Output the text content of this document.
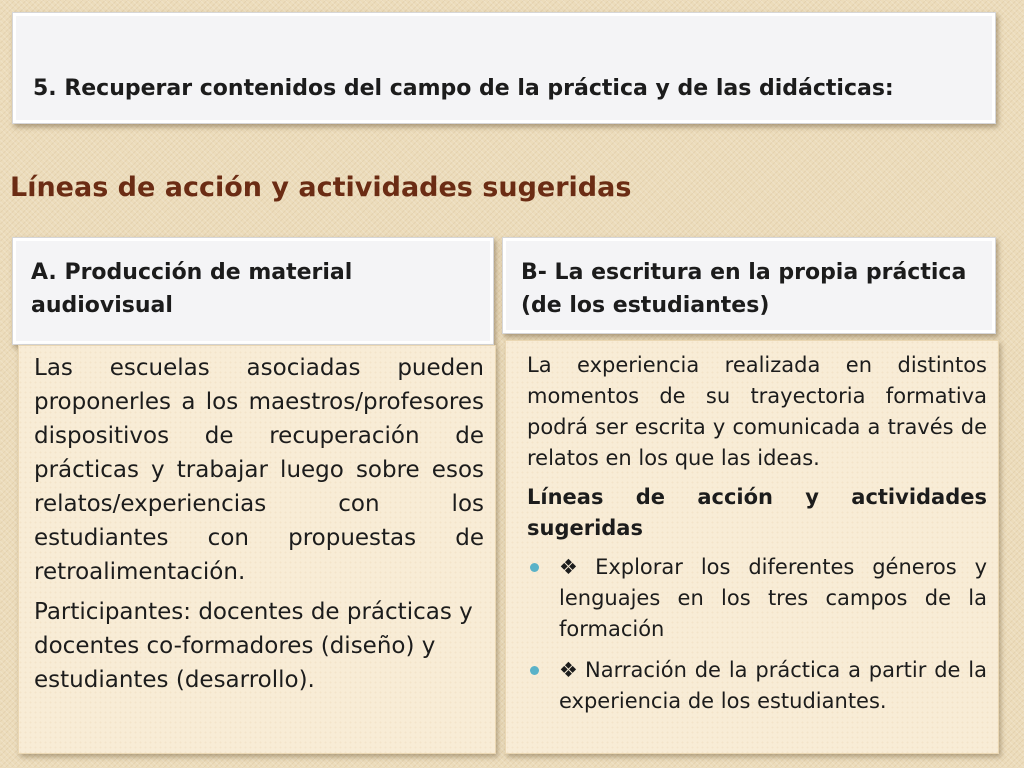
5. Recuperar contenidos del campo de la práctica y de las didácticas:
Líneas de acción y actividades sugeridas
A. Producción de material audiovisual

Las escuelas asociadas pueden proponerles a los maestros/profesores dispositivos de recuperación de prácticas y trabajar luego sobre esos relatos/experiencias con los estudiantes con propuestas de retroalimentación.

Participantes: docentes de prácticas y docentes co-formadores (diseño) y estudiantes (desarrollo).

B- La escritura en la propia práctica (de los estudiantes)

La experiencia realizada en distintos momentos de su trayectoria formativa podrá ser escrita y comunicada a través de relatos en los que las ideas.

Líneas de acción y actividades sugeridas

❖ Explorar los diferentes géneros y lenguajes en los tres campos de la formación
❖ Narración de la práctica a partir de la experiencia de los estudiantes.
